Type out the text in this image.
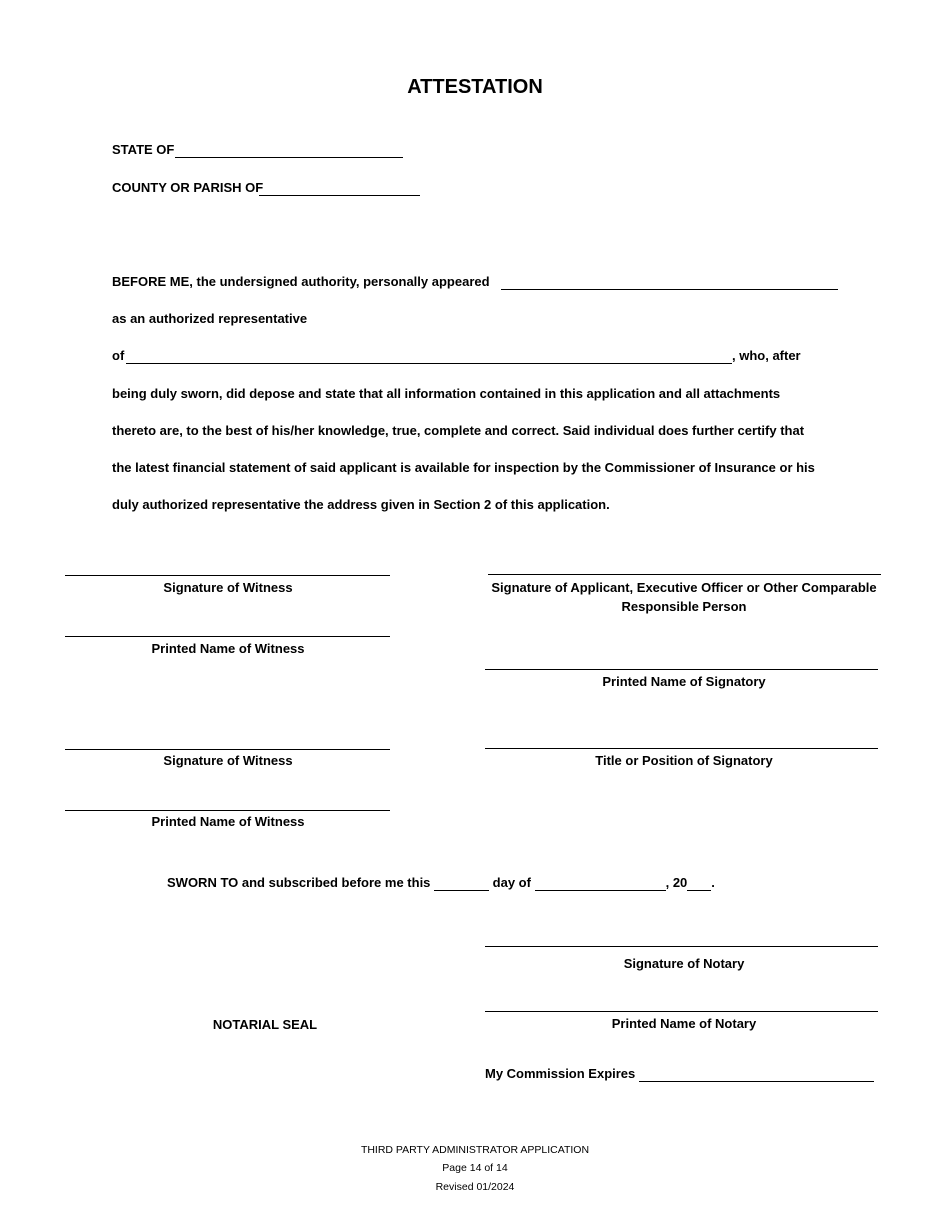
ATTESTATION
STATE OF
COUNTY OR PARISH OF
BEFORE ME, the undersigned authority, personally appeared
as an authorized representative
of	, who, after
being duly sworn, did depose and state that all information contained in this application and all attachments
thereto are, to the best of his/her knowledge, true, complete and correct. Said individual does further certify that
the latest financial statement of said applicant is available for inspection by the Commissioner of Insurance or his
duly authorized representative the address given in Section 2 of this application.
Signature of Witness
Printed Name of Witness
Signature of Witness
Printed Name of Witness
Signature of Applicant, Executive Officer or Other Comparable
Responsible Person
Printed Name of Signatory
Title or Position of Signatory
SWORN TO and subscribed before me this	day of	, 20 .
Signature of Notary
Printed Name of Notary
NOTARIAL SEAL
My Commission Expires
THIRD PARTY ADMINISTRATOR APPLICATION
Page 14 of 14
Revised 01/2024
